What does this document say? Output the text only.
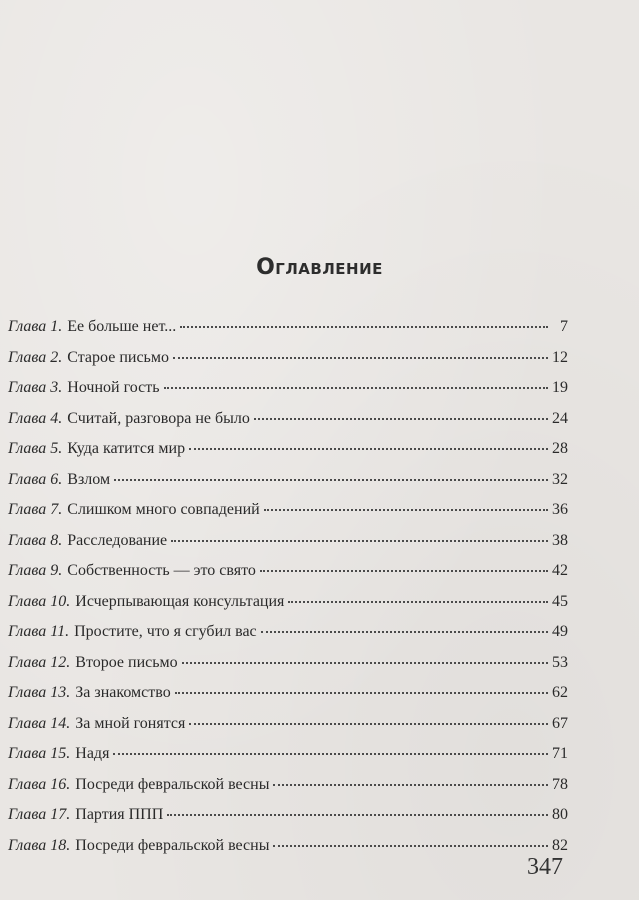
Оглавление
Глава 1. Ее больше нет...	7
Глава 2. Старое письмо	12
Глава 3. Ночной гость	19
Глава 4. Считай, разговора не было	24
Глава 5. Куда катится мир	28
Глава 6. Взлом	32
Глава 7. Слишком много совпадений	36
Глава 8. Расследование	38
Глава 9. Собственность — это свято	42
Глава 10. Исчерпывающая консультация	45
Глава 11. Простите, что я сгубил вас	49
Глава 12. Второе письмо	53
Глава 13. За знакомство	62
Глава 14. За мной гонятся	67
Глава 15. Надя	71
Глава 16. Посреди февральской весны	78
Глава 17. Партия ППП	80
Глава 18. Посреди февральской весны	82
347
